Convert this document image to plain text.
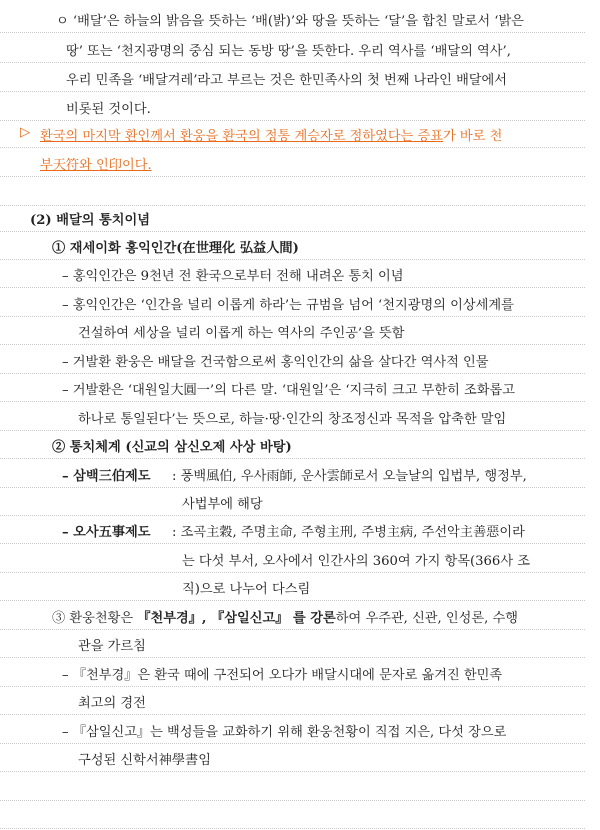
ㅇ ‘배달’은 하늘의 밝음을 뜻하는 ‘배(밝)’와 땅을 뜻하는 ‘달’을 합친 말로서 ‘밝은
땅’ 또는 ‘천지광명의 중심 되는 동방 땅’을 뜻한다. 우리 역사를 ‘배달의 역사’,
우리 민족을 ‘배달겨레’라고 부르는 것은 한민족사의 첫 번째 나라인 배달에서
비롯된 것이다.
▷ 환국의 마지막 환인께서 환웅을 환국의 정통 계승자로 정하였다는 증표가 바로 천
부天符와 인印이다.
(2) 배달의 통치이념
① 재세이화 홍익인간(在世理化 弘益人間)
– 홍익인간은 9천년 전 환국으로부터 전해 내려온 통치 이념
– 홍익인간은 ‘인간을 널리 이롭게 하라’는 규범을 넘어 ‘천지광명의 이상세계를
건설하여 세상을 널리 이롭게 하는 역사의 주인공’을 뜻함
– 거발환 환웅은 배달을 건국함으로써 홍익인간의 삶을 살다간 역사적 인물
– 거발환은 ‘대원일大圓一’의 다른 말. ‘대원일’은 ‘지극히 크고 무한히 조화롭고
하나로 통일된다’는 뜻으로, 하늘·땅·인간의 창조정신과 목적을 압축한 말임
② 통치체계 (신교의 삼신오제 사상 바탕)
– 삼백三伯제도 : 풍백風伯, 우사雨師, 운사雲師로서 오늘날의 입법부, 행정부,
사법부에 해당
– 오사五事제도 : 조곡主穀, 주명主命, 주형主刑, 주병主病, 주선악主善惡이라
는 다섯 부서, 오사에서 인간사의 360여 가지 항목(366사 조
직)으로 나누어 다스림
③ 환웅천황은 『천부경』, 『삼일신고』 를 강론하여 우주관, 신관, 인성론, 수행
관을 가르침
– 『천부경』은 환국 때에 구전되어 오다가 배달시대에 문자로 옮겨진 한민족
최고의 경전
– 『삼일신고』는 백성들을 교화하기 위해 환웅천황이 직접 지은, 다섯 장으로
구성된 신학서神學書임
